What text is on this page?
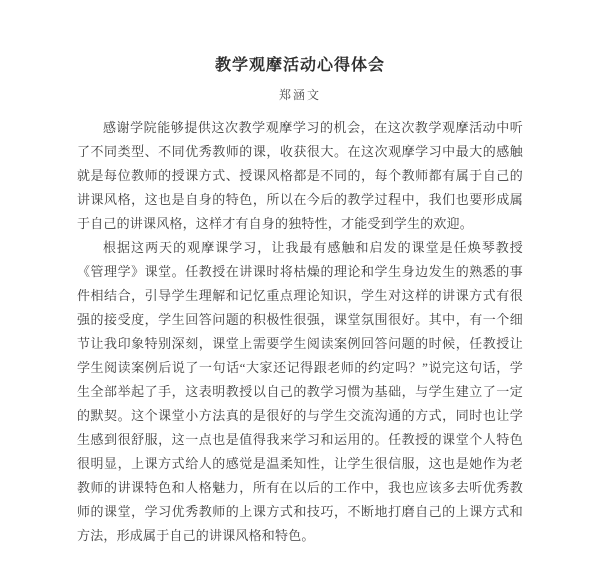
教学观摩活动心得体会
郑涵文

感谢学院能够提供这次教学观摩学习的机会，在这次教学观摩活动中听了不同类型、不同优秀教师的课，收获很大。在这次观摩学习中最大的感触就是每位教师的授课方式、授课风格都是不同的，每个教师都有属于自己的讲课风格，这也是自身的特色，所以在今后的教学过程中，我们也要形成属于自己的讲课风格，这样才有自身的独特性，才能受到学生的欢迎。

根据这两天的观摩课学习，让我最有感触和启发的课堂是任焕琴教授《管理学》课堂。任教授在讲课时将枯燥的理论和学生身边发生的熟悉的事件相结合，引导学生理解和记忆重点理论知识，学生对这样的讲课方式有很强的接受度，学生回答问题的积极性很强，课堂氛围很好。其中，有一个细节让我印象特别深刻，课堂上需要学生阅读案例回答问题的时候，任教授让学生阅读案例后说了一句话“大家还记得跟老师的约定吗？”说完这句话，学生全部举起了手，这表明教授以自己的教学习惯为基础，与学生建立了一定的默契。这个课堂小方法真的是很好的与学生交流沟通的方式，同时也让学生感到很舒服，这一点也是值得我来学习和运用的。任教授的课堂个人特色很明显，上课方式给人的感觉是温柔知性，让学生很信服，这也是她作为老教师的讲课特色和人格魅力，所有在以后的工作中，我也应该多去听优秀教师的课堂，学习优秀教师的上课方式和技巧，不断地打磨自己的上课方式和方法，形成属于自己的讲课风格和特色。
